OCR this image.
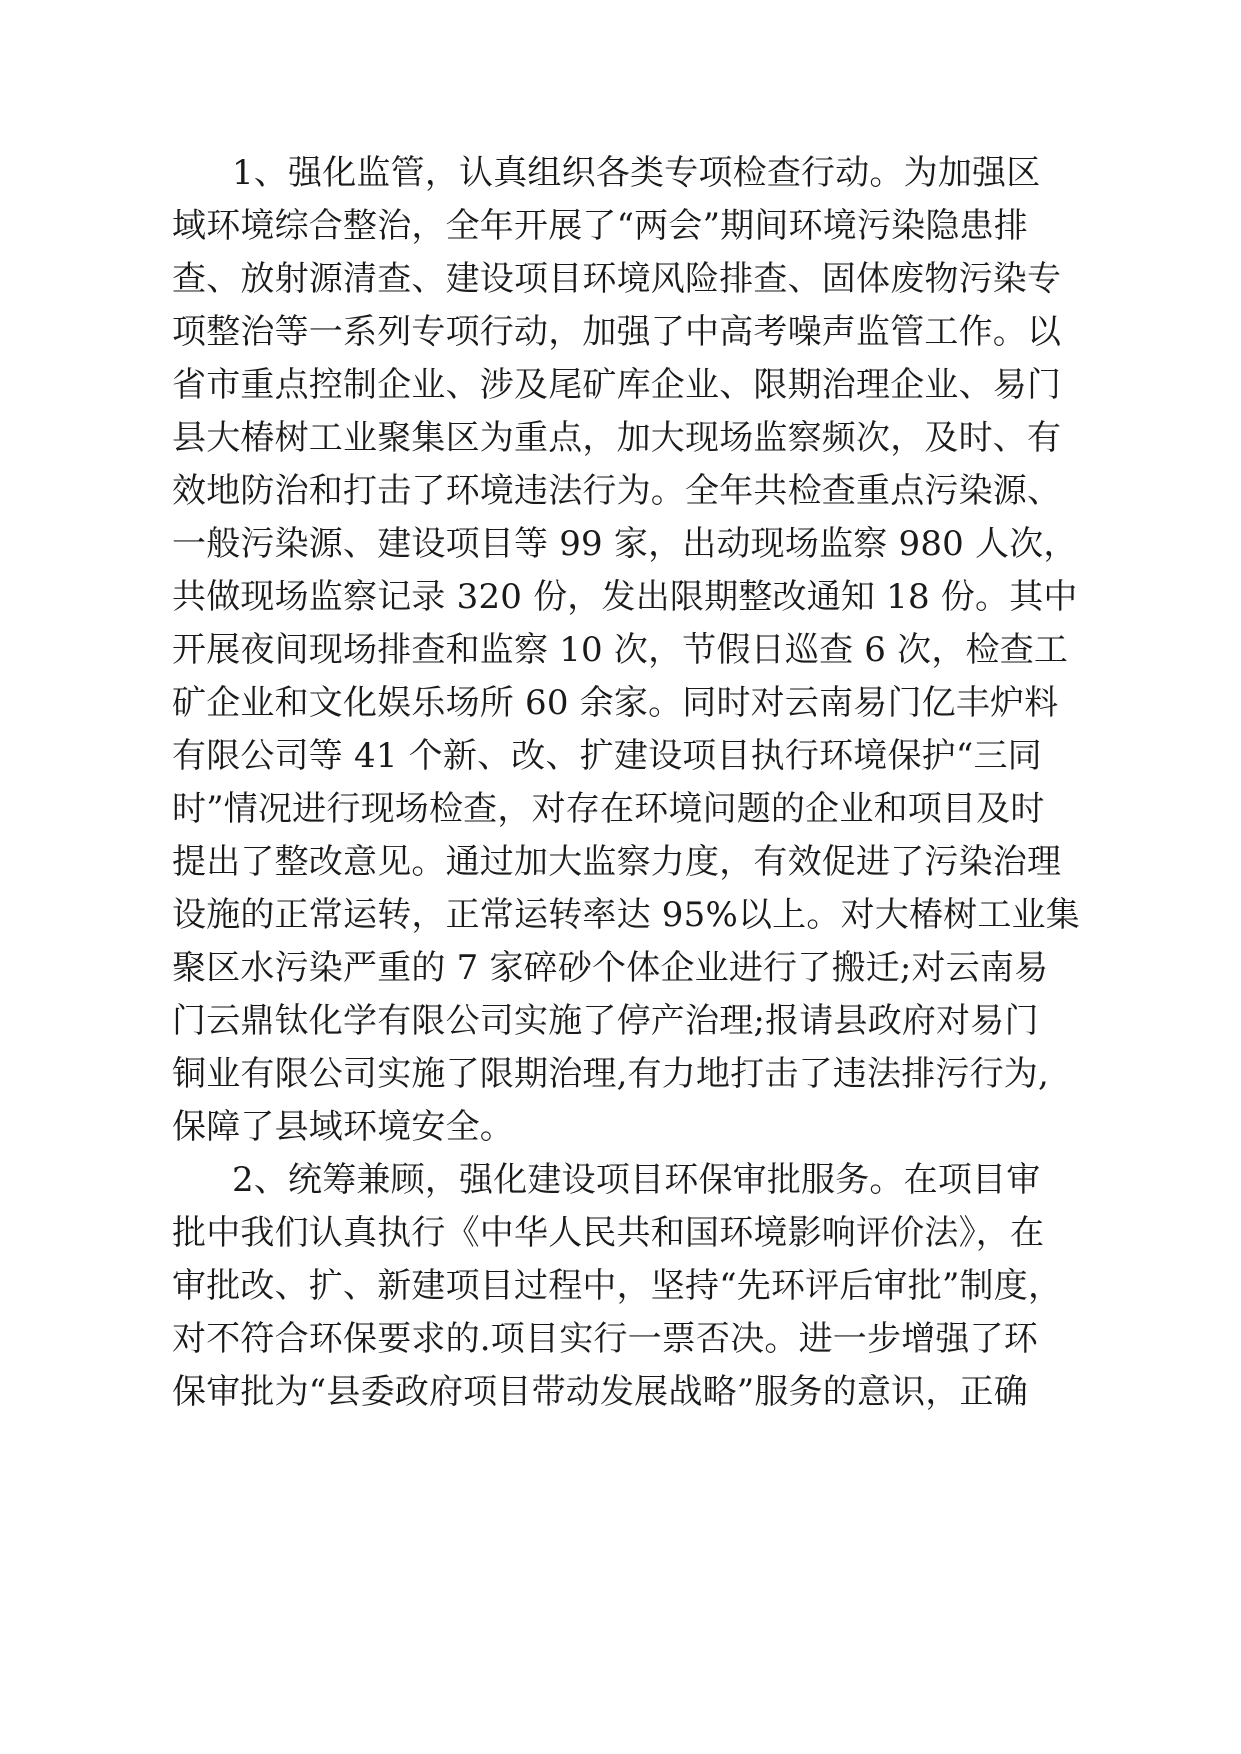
1、强化监管，认真组织各类专项检查行动。为加强区
域环境综合整治，全年开展了“两会”期间环境污染隐患排
查、放射源清查、建设项目环境风险排查、固体废物污染专
项整治等一系列专项行动，加强了中高考噪声监管工作。以
省市重点控制企业、涉及尾矿库企业、限期治理企业、易门
县大椿树工业聚集区为重点，加大现场监察频次，及时、有
效地防治和打击了环境违法行为。全年共检查重点污染源、
一般污染源、建设项目等 99 家，出动现场监察 980 人次，
共做现场监察记录 320 份，发出限期整改通知 18 份。其中
开展夜间现场排查和监察 10 次，节假日巡查 6 次，检查工
矿企业和文化娱乐场所 60 余家。同时对云南易门亿丰炉料
有限公司等 41 个新、改、扩建设项目执行环境保护“三同
时”情况进行现场检查，对存在环境问题的企业和项目及时
提出了整改意见。通过加大监察力度，有效促进了污染治理
设施的正常运转，正常运转率达 95%以上。对大椿树工业集
聚区水污染严重的 7 家碎砂个体企业进行了搬迁;对云南易
门云鼎钛化学有限公司实施了停产治理;报请县政府对易门
铜业有限公司实施了限期治理,有力地打击了违法排污行为,
保障了县域环境安全。
2、统筹兼顾，强化建设项目环保审批服务。在项目审
批中我们认真执行《中华人民共和国环境影响评价法》，在
审批改、扩、新建项目过程中，坚持“先环评后审批”制度，
对不符合环保要求的.项目实行一票否决。进一步增强了环
保审批为“县委政府项目带动发展战略”服务的意识，正确
